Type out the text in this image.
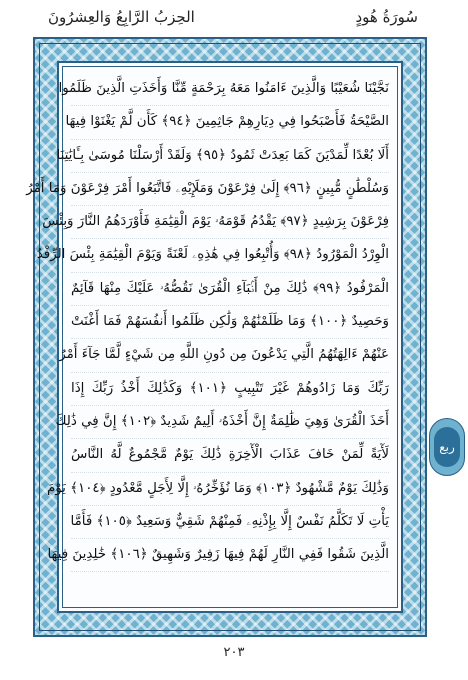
سُورَةُ هُودٍ
الحِزبُ الرَّابِعُ وَالعِشرُونَ
نَجَّيْنَا شُعَيْبًا وَالَّذِينَ ءَامَنُوا مَعَهُ بِرَحْمَةٍ مِّنَّا وَأَخَذَتِ الَّذِينَ ظَلَمُوا
الصَّيْحَةُ فَأَصْبَحُوا فِي دِيَارِهِمْ جَاثِمِينَ ﴿٩٤﴾ كَأَن لَّمْ يَغْنَوْا فِيهَا
أَلَا بُعْدًا لِّمَدْيَنَ كَمَا بَعِدَتْ ثَمُودُ ﴿٩٥﴾ وَلَقَدْ أَرْسَلْنَا مُوسَىٰ بِـَٔايَٰتِنَا
وَسُلْطَٰنٍ مُّبِينٍ ﴿٩٦﴾ إِلَىٰ فِرْعَوْنَ وَمَلَإِيْهِۦ فَاتَّبَعُوا أَمْرَ فِرْعَوْنَ وَمَا أَمْرُ
فِرْعَوْنَ بِرَشِيدٍ ﴿٩٧﴾ يَقْدُمُ قَوْمَهُۥ يَوْمَ الْقِيَٰمَةِ فَأَوْرَدَهُمُ النَّارَ وَبِئْسَ
الْوِرْدُ الْمَوْرُودُ ﴿٩٨﴾ وَأُتْبِعُوا فِي هَٰذِهِۦ لَعْنَةً وَيَوْمَ الْقِيَٰمَةِ بِئْسَ الرِّفْدُ
الْمَرْفُودُ ﴿٩٩﴾ ذَٰلِكَ مِنْ أَنۢبَآءِ الْقُرَىٰ نَقُصُّهُۥ عَلَيْكَ مِنْهَا قَآئِمٌ
وَحَصِيدٌ ﴿١٠٠﴾ وَمَا ظَلَمْنَٰهُمْ وَلَٰكِن ظَلَمُوا أَنفُسَهُمْ فَمَا أَغْنَتْ
عَنْهُمْ ءَالِهَتُهُمُ الَّتِي يَدْعُونَ مِن دُونِ اللَّهِ مِن شَيْءٍ لَّمَّا جَآءَ أَمْرُ
رَبِّكَ وَمَا زَادُوهُمْ غَيْرَ تَتْبِيبٍ ﴿١٠١﴾ وَكَذَٰلِكَ أَخْذُ رَبِّكَ إِذَا
أَخَذَ الْقُرَىٰ وَهِيَ ظَٰلِمَةٌ إِنَّ أَخْذَهُۥ أَلِيمٌ شَدِيدٌ ﴿١٠٢﴾ إِنَّ فِي ذَٰلِكَ
لَأٓيَةً لِّمَنْ خَافَ عَذَابَ الْأٓخِرَةِ ذَٰلِكَ يَوْمٌ مَّجْمُوعٌ لَّهُ النَّاسُ
وَذَٰلِكَ يَوْمٌ مَّشْهُودٌ ﴿١٠٣﴾ وَمَا نُؤَخِّرُهُۥ إِلَّا لِأَجَلٍ مَّعْدُودٍ ﴿١٠٤﴾ يَوْمَ
يَأْتِ لَا تَكَلَّمُ نَفْسٌ إِلَّا بِإِذْنِهِۦ فَمِنْهُمْ شَقِيٌّ وَسَعِيدٌ ﴿١٠٥﴾ فَأَمَّا
الَّذِينَ شَقُوا فَفِي النَّارِ لَهُمْ فِيهَا زَفِيرٌ وَشَهِيقٌ ﴿١٠٦﴾ خَٰلِدِينَ فِيهَا
ربع
٢٠٣
